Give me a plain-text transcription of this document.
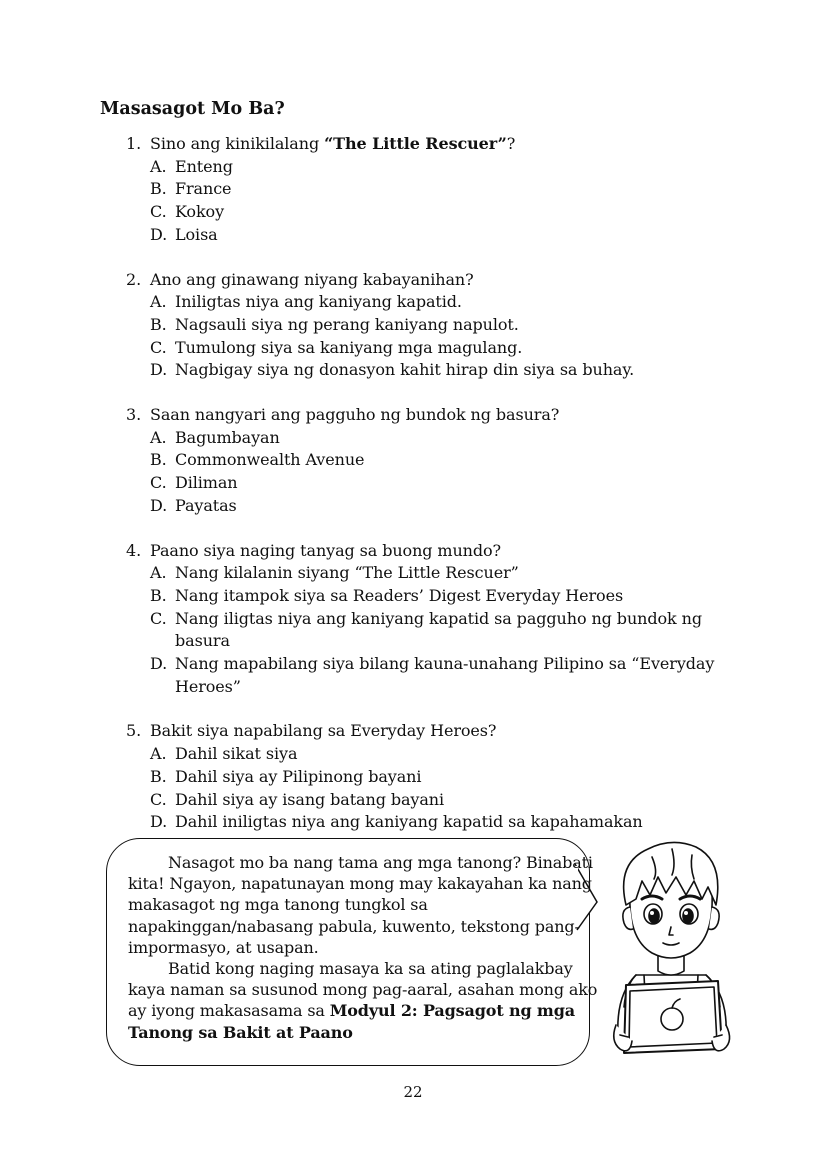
Masasagot Mo Ba?
1. Sino ang kinikilalang “The Little Rescuer”?
A. Enteng
B. France
C. Kokoy
D. Loisa
2. Ano ang ginawang niyang kabayanihan?
A. Iniligtas niya ang kaniyang kapatid.
B. Nagsauli siya ng perang kaniyang napulot.
C. Tumulong siya sa kaniyang mga magulang.
D. Nagbigay siya ng donasyon kahit hirap din siya sa buhay.
3. Saan nangyari ang pagguho ng bundok ng basura?
A. Bagumbayan
B. Commonwealth Avenue
C. Diliman
D. Payatas
4. Paano siya naging tanyag sa buong mundo?
A. Nang kilalanin siyang “The Little Rescuer”
B. Nang itampok siya sa Readers’ Digest Everyday Heroes
C. Nang iligtas niya ang kaniyang kapatid sa pagguho ng bundok ng basura
D. Nang mapabilang siya bilang kauna-unahang Pilipino sa “Everyday Heroes”
5. Bakit siya napabilang sa Everyday Heroes?
A. Dahil sikat siya
B. Dahil siya ay Pilipinong bayani
C. Dahil siya ay isang batang bayani
D. Dahil iniligtas niya ang kaniyang kapatid sa kapahamakan

Nasagot mo ba nang tama ang mga tanong? Binabati kita! Ngayon, napatunayan mong may kakayahan ka nang makasagot ng mga tanong tungkol sa napakinggan/nabasang pabula, kuwento, tekstong pang-impormasyo, at usapan.

Batid kong naging masaya ka sa ating paglalakbay kaya naman sa susunod mong pag-aaral, asahan mong ako ay iyong makasasama sa Modyul 2: Pagsagot ng mga Tanong sa Bakit at Paano

22
